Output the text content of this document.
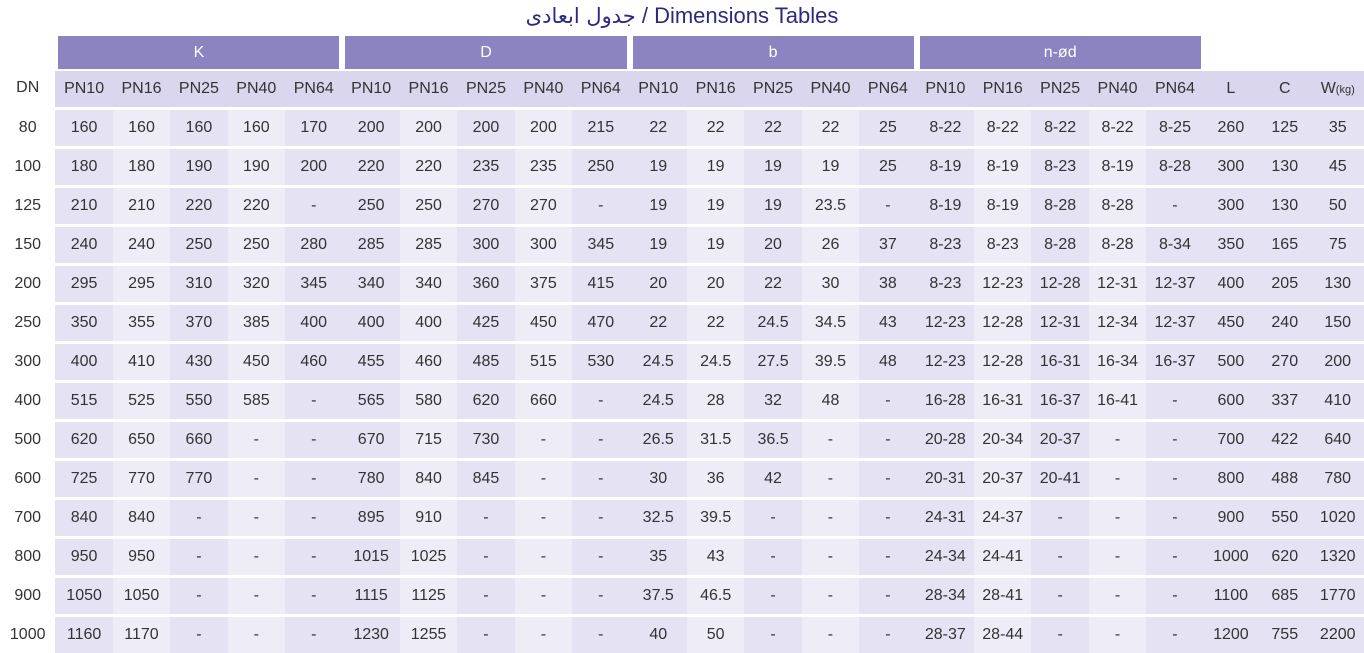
جدول ابعادی / Dimensions Tables
	K					D					b					n-ød							
DN	PN10	PN16	PN25	PN40	PN64	PN10	PN16	PN25	PN40	PN64	PN10	PN16	PN25	PN40	PN64	PN10	PN16	PN25	PN40	PN64	L	C	W(kg)
80	160	160	160	160	170	200	200	200	200	215	22	22	22	22	25	8-22	8-22	8-22	8-22	8-25	260	125	35
100	180	180	190	190	200	220	220	235	235	250	19	19	19	19	25	8-19	8-19	8-23	8-19	8-28	300	130	45
125	210	210	220	220	-	250	250	270	270	-	19	19	19	23.5	-	8-19	8-19	8-28	8-28	-	300	130	50
150	240	240	250	250	280	285	285	300	300	345	19	19	20	26	37	8-23	8-23	8-28	8-28	8-34	350	165	75
200	295	295	310	320	345	340	340	360	375	415	20	20	22	30	38	8-23	12-23	12-28	12-31	12-37	400	205	130
250	350	355	370	385	400	400	400	425	450	470	22	22	24.5	34.5	43	12-23	12-28	12-31	12-34	12-37	450	240	150
300	400	410	430	450	460	455	460	485	515	530	24.5	24.5	27.5	39.5	48	12-23	12-28	16-31	16-34	16-37	500	270	200
400	515	525	550	585	-	565	580	620	660	-	24.5	28	32	48	-	16-28	16-31	16-37	16-41	-	600	337	410
500	620	650	660	-	-	670	715	730	-	-	26.5	31.5	36.5	-	-	20-28	20-34	20-37	-	-	700	422	640
600	725	770	770	-	-	780	840	845	-	-	30	36	42	-	-	20-31	20-37	20-41	-	-	800	488	780
700	840	840	-	-	-	895	910	-	-	-	32.5	39.5	-	-	-	24-31	24-37	-	-	-	900	550	1020
800	950	950	-	-	-	1015	1025	-	-	-	35	43	-	-	-	24-34	24-41	-	-	-	1000	620	1320
900	1050	1050	-	-	-	1115	1125	-	-	-	37.5	46.5	-	-	-	28-34	28-41	-	-	-	1100	685	1770
1000	1160	1170	-	-	-	1230	1255	-	-	-	40	50	-	-	-	28-37	28-44	-	-	-	1200	755	2200
